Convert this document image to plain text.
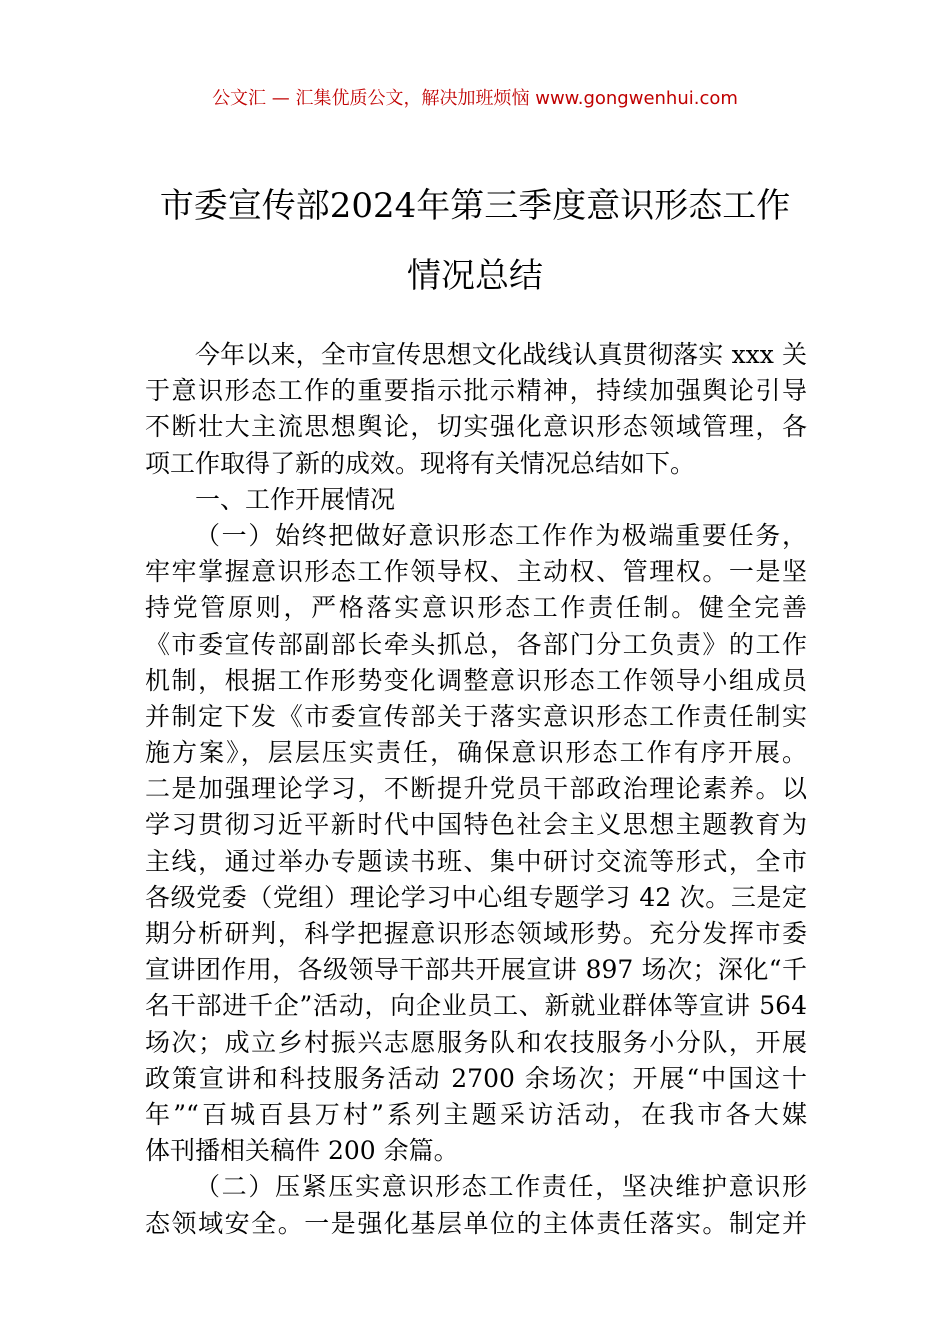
公文汇 — 汇集优质公文，解决加班烦恼 www.gongwenhui.com
市委宣传部2024年第三季度意识形态工作
情况总结
今年以来，全市宣传思想文化战线认真贯彻落实 xxx 关
于意识形态工作的重要指示批示精神，持续加强舆论引导
不断壮大主流思想舆论，切实强化意识形态领域管理，各
项工作取得了新的成效。现将有关情况总结如下。
一、工作开展情况
（一）始终把做好意识形态工作作为极端重要任务，
牢牢掌握意识形态工作领导权、主动权、管理权。一是坚
持党管原则，严格落实意识形态工作责任制。健全完善
《市委宣传部副部长牵头抓总，各部门分工负责》的工作
机制，根据工作形势变化调整意识形态工作领导小组成员
并制定下发《市委宣传部关于落实意识形态工作责任制实
施方案》，层层压实责任，确保意识形态工作有序开展。
二是加强理论学习，不断提升党员干部政治理论素养。以
学习贯彻习近平新时代中国特色社会主义思想主题教育为
主线，通过举办专题读书班、集中研讨交流等形式，全市
各级党委（党组）理论学习中心组专题学习 42 次。三是定
期分析研判，科学把握意识形态领域形势。充分发挥市委
宣讲团作用，各级领导干部共开展宣讲 897 场次；深化“千
名干部进千企”活动，向企业员工、新就业群体等宣讲 564
场次；成立乡村振兴志愿服务队和农技服务小分队，开展
政策宣讲和科技服务活动 2700 余场次；开展“中国这十
年”“百城百县万村”系列主题采访活动，在我市各大媒
体刊播相关稿件 200 余篇。
（二）压紧压实意识形态工作责任，坚决维护意识形
态领域安全。一是强化基层单位的主体责任落实。制定并
